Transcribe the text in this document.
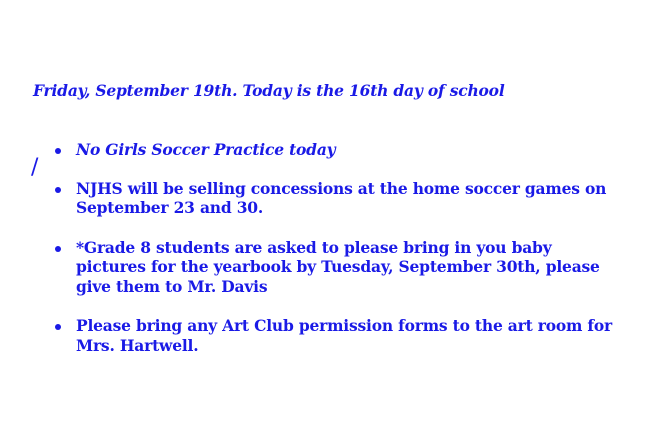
Friday, September 19th. Today is the 16th day of school
/
No Girls Soccer Practice today
NJHS will be selling concessions at the home soccer games on September 23 and 30.
*Grade 8 students are asked to please bring in you baby pictures for the yearbook by Tuesday, September 30th, please give them to Mr. Davis
Please bring any Art Club permission forms to the art room for Mrs. Hartwell.
